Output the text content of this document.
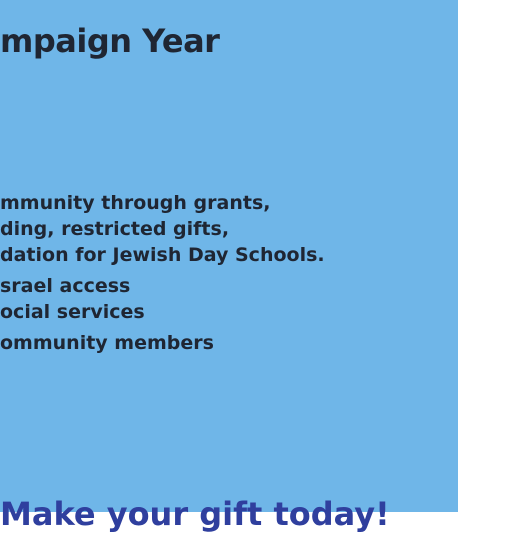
mpaign Year

mmunity through grants,

ding, restricted gifts,

dation for Jewish Day Schools.

srael access

ocial services

ommunity members

Make your gift today!
